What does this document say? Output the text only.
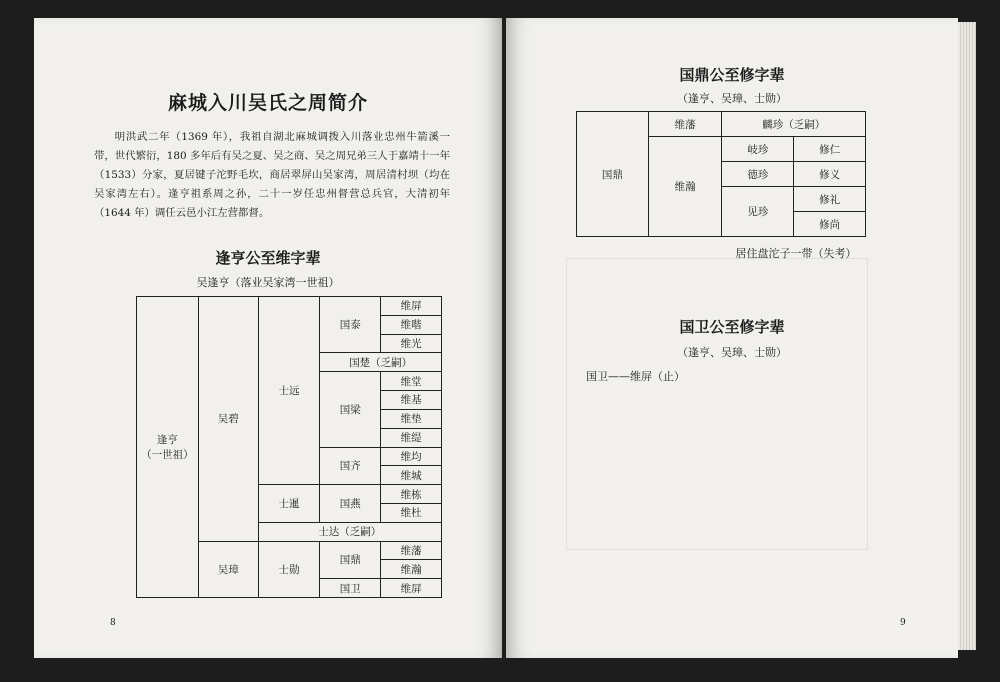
麻城入川吴氏之周简介

明洪武二年（1369 年），我祖自湖北麻城调拨入川落业忠州牛箭溪一带，世代繁衍，180 多年后有吴之夏、吴之商、吴之周兄弟三人于嘉靖十一年（1533）分家，夏居键子沱野毛坎，商居翠屏山吴家湾，周居清村坝（均在吴家湾左右）。逢亨祖系周之孙，二十一岁任忠州督营总兵官，大清初年（1644 年）调任云邑小江左营都督。

逢亨公至维字辈

吴逢亨（落业吴家湾一世祖）

逢亨
（一世祖）	吴碧	士远	国泰	维屏
				维喈
				维光
			国楚（乏嗣）	
			国梁	维堂
				维基
				维垫
				维缇
			国齐	维均
				维城
		士暹	国燕	维栋
				维杜
		士达（乏嗣）		
	吴璋	士勋	国鼎	维藩
				维瀚
			国卫	维屏
8
国鼎公至修字辈

（逢亨、吴璋、士勋）

国鼎	维藩	麟珍（乏嗣）	
	维瀚	岐珍	修仁
		德珍	修义
		见珍	修礼
			修尚

居住盘沱子一带（失考）

国卫公至修字辈

（逢亨、吴璋、士勋）

国卫——维屏（止）

9
